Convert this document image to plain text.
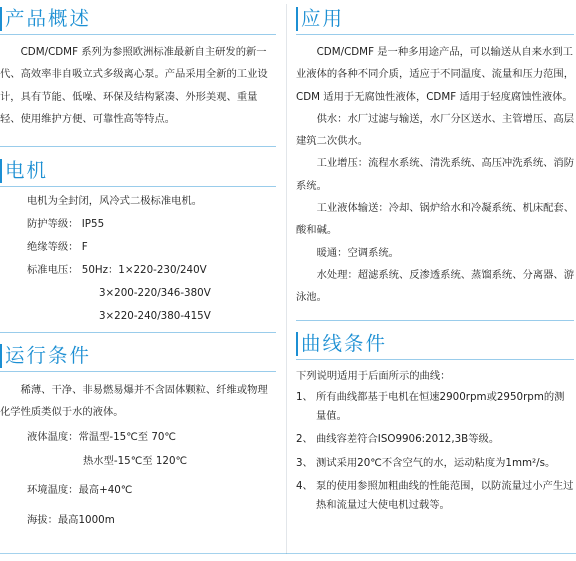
产品概述

CDM/CDMF 系列为参照欧洲标准最新自主研发的新一代、高效率非自吸立式多级离心泵。产品采用全新的工业设计，具有节能、低噪、环保及结构紧凑、外形美观、重量轻、使用维护方便、可靠性高等特点。

电机

电机为全封闭，风冷式二极标准电机。

防护等级： IP55

绝缘等级： F

标准电压： 50Hz：1×220-230/240V

3×200-220/346-380V

3×220-240/380-415V

运行条件

稀薄、干净、非易燃易爆并不含固体颗粒、纤维或物理化学性质类似于水的液体。

液体温度：常温型-15℃至 70℃

热水型-15℃至 120℃

环境温度：最高+40℃

海拔：最高1000m

应用

CDM/CDMF 是一种多用途产品，可以输送从自来水到工业液体的各种不同介质，适应于不同温度、流量和压力范围，CDM 适用于无腐蚀性液体，CDMF 适用于轻度腐蚀性液体。

供水：水厂过滤与输送，水厂分区送水、主管增压、高层建筑二次供水。

工业增压：流程水系统、清洗系统、高压冲洗系统、消防系统。

工业液体输送：冷却、锅炉给水和冷凝系统、机床配套、酸和碱。

暖通：空调系统。

水处理：超滤系统、反渗透系统、蒸馏系统、分离器、游泳池。

曲线条件

下列说明适用于后面所示的曲线：

1、 所有曲线都基于电机在恒速2900rpm或2950rpm的测量值。

2、 曲线容差符合ISO9906:2012,3B等级。

3、 测试采用20℃不含空气的水，运动粘度为1mm²/s。

4、 泵的使用参照加粗曲线的性能范围，以防流量过小产生过热和流量过大使电机过载等。
